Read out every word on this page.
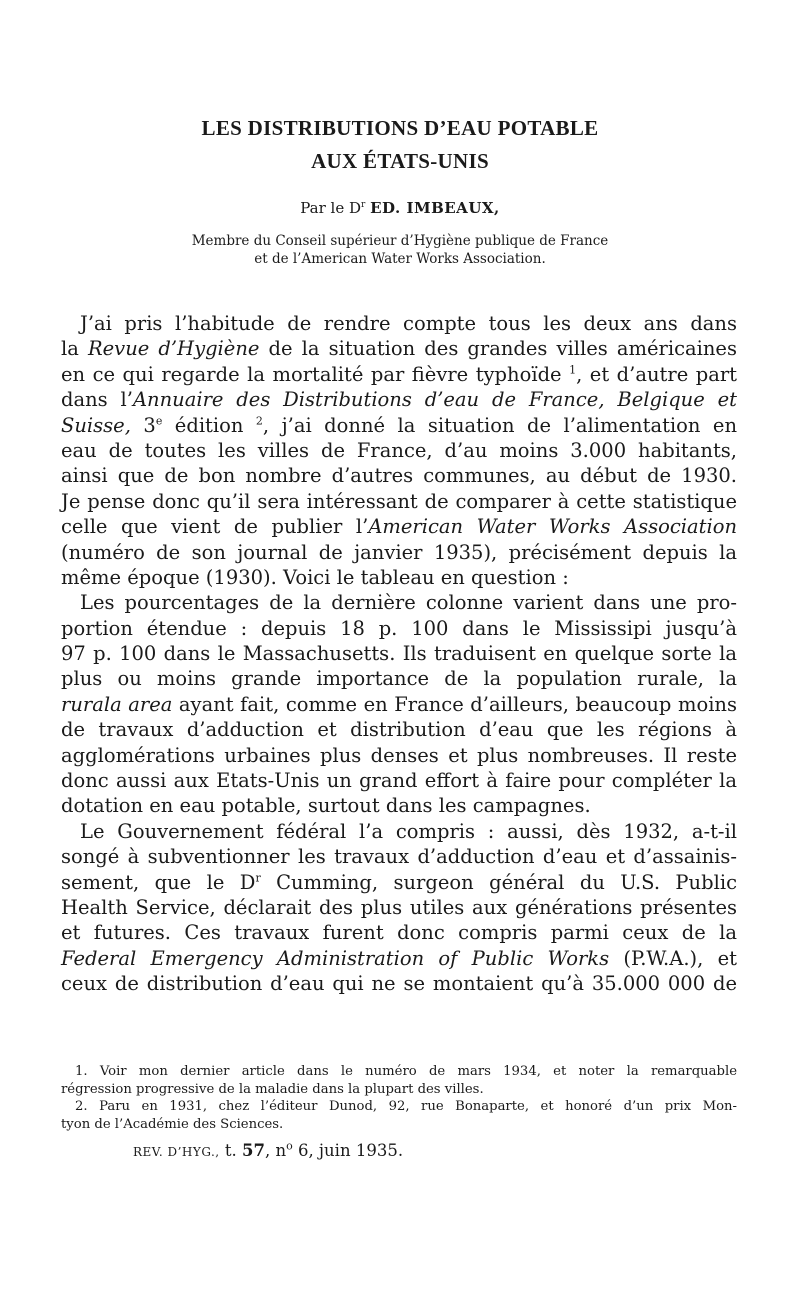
LES DISTRIBUTIONS D’EAU POTABLE
AUX ÉTATS-UNIS
Par le $D^r$ ED. IMBEAUX,
Membre du Conseil supérieur d’Hygiène publique de France
et de l’American Water Works Association.
J’ai pris l’habitude de rendre compte tous les deux ans dans
la Revue d’Hygiène de la situation des grandes villes américaines
en ce qui regarde la mortalité par fièvre typhoïde $^1$, et d’autre part
dans l’Annuaire des Distributions d’eau de France, Belgique et
Suisse, 3e édition $^2$, j’ai donné la situation de l’alimentation en
eau de toutes les villes de France, d’au moins 3.000 habitants,
ainsi que de bon nombre d’autres communes, au début de 1930.
Je pense donc qu’il sera intéressant de comparer à cette statistique
celle que vient de publier l’American Water Works Association
(numéro de son journal de janvier 1935), précisément depuis la
même époque (1930). Voici le tableau en question :
Les pourcentages de la dernière colonne varient dans une pro-
portion étendue : depuis 18 p. 100 dans le Mississipi jusqu’à
97 p. 100 dans le Massachusetts. Ils traduisent en quelque sorte la
plus ou moins grande importance de la population rurale, la
rurala area ayant fait, comme en France d’ailleurs, beaucoup moins
de travaux d’adduction et distribution d’eau que les régions à
agglomérations urbaines plus denses et plus nombreuses. Il reste
donc aussi aux Etats-Unis un grand effort à faire pour compléter la
dotation en eau potable, surtout dans les campagnes.
Le Gouvernement fédéral l’a compris : aussi, dès 1932, a-t-il
songé à subventionner les travaux d’adduction d’eau et d’assainis-
sement, que le $D^r$ Cumming, surgeon général du U.S. Public
Health Service, déclarait des plus utiles aux générations présentes
et futures. Ces travaux furent donc compris parmi ceux de la
Federal Emergency Administration of Public Works (P.W.A.), et
ceux de distribution d’eau qui ne se montaient qu’à 35.000 000 de
1. Voir mon dernier article dans le numéro de mars 1934, et noter la remarquable
régression progressive de la maladie dans la plupart des villes.
2. Paru en 1931, chez l’éditeur Dunod, 92, rue Bonaparte, et honoré d’un prix Mon-
tyon de l’Académie des Sciences.
REV. D’HYG., t. 57, $n^o$ 6, juin 1935.
